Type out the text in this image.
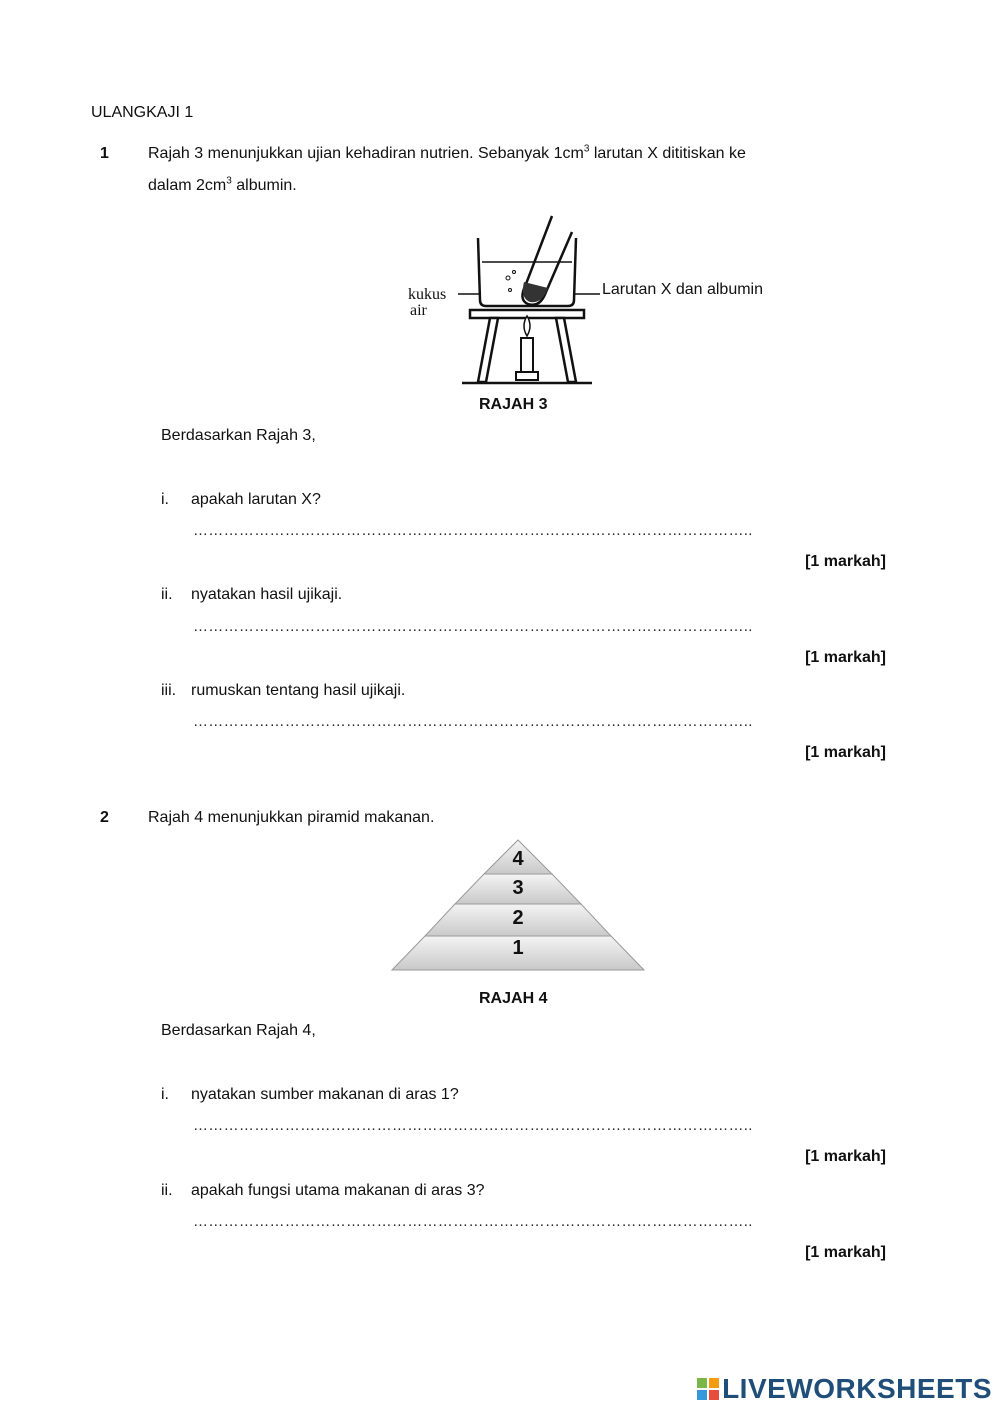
ULANGKAJI 1
1 Rajah 3 menunjukkan ujian kehadiran nutrien. Sebanyak $1cm^3$ larutan X dititiskan ke
dalam $2cm^3$ albumin.
kukus
air
Larutan X dan albumin
RAJAH 3
Berdasarkan Rajah 3,
i. apakah larutan X?
………………………………………………………………………………………………..
[1 markah]
ii. nyatakan hasil ujikaji.
………………………………………………………………………………………………..
[1 markah]
iii. rumuskan tentang hasil ujikaji.
………………………………………………………………………………………………..
[1 markah]
2 Rajah 4 menunjukkan piramid makanan.
4
3
2
1
RAJAH 4
Berdasarkan Rajah 4,
i. nyatakan sumber makanan di aras 1?
………………………………………………………………………………………………..
[1 markah]
ii. apakah fungsi utama makanan di aras 3?
………………………………………………………………………………………………..
[1 markah]
LIVEWORKSHEETS
